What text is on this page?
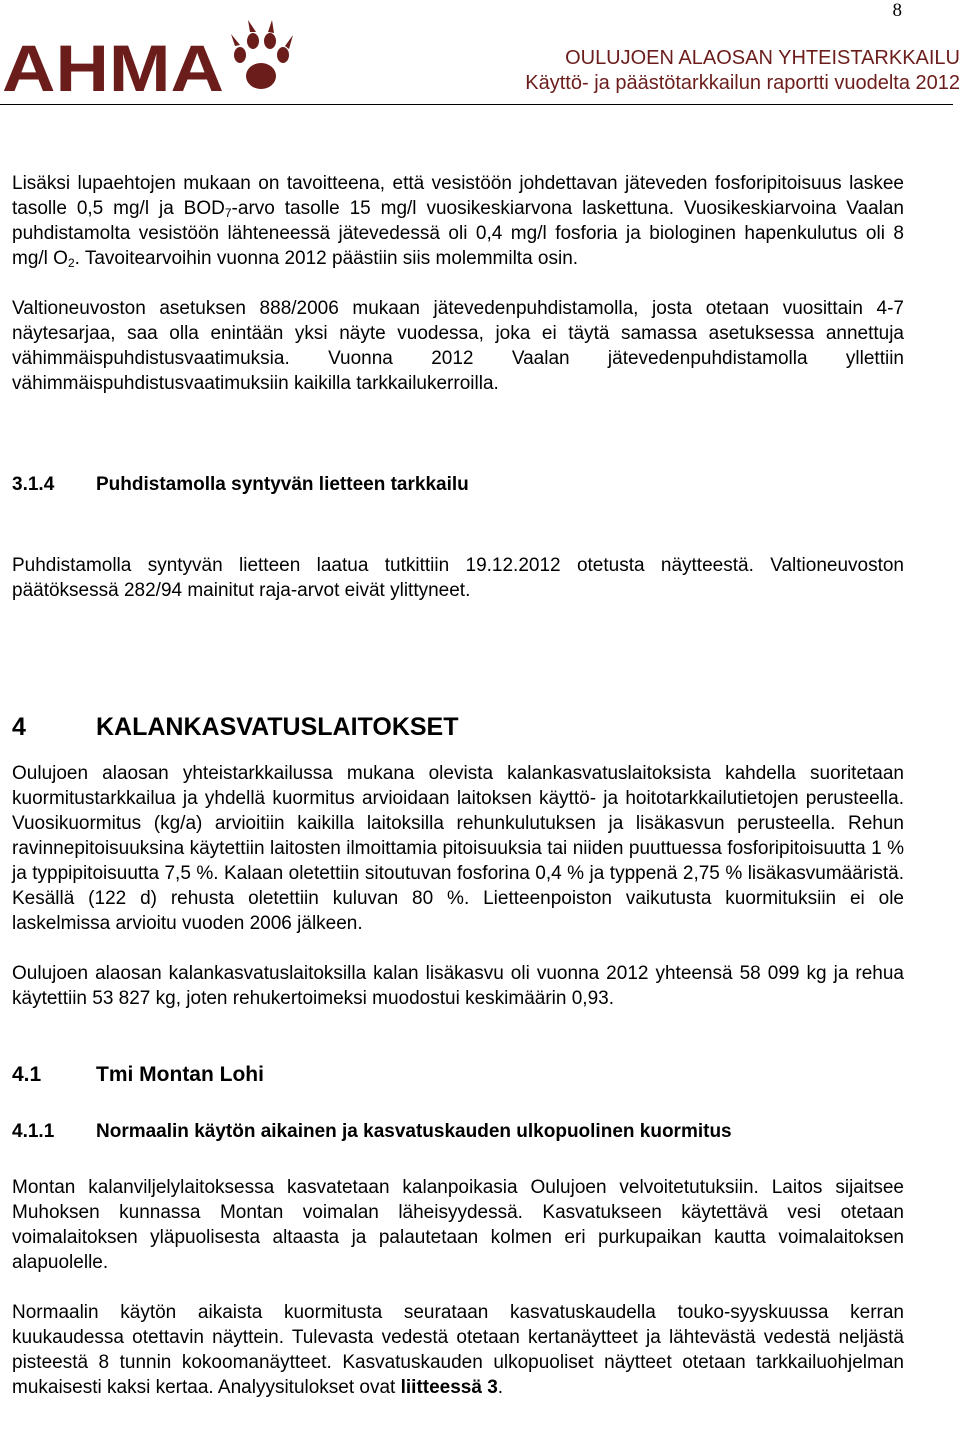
8
AHMA	OULUJOEN ALAOSAN YHTEISTARKKAILU
Käyttö- ja päästötarkkailun raportti vuodelta 2012

Lisäksi lupaehtojen mukaan on tavoitteena, että vesistöön johdettavan jäteveden fosforipitoisuus laskee tasolle 0,5 mg/l ja $BOD_7$-arvo tasolle 15 mg/l vuosikeskiarvona laskettuna. Vuosikeskiarvoina Vaalan puhdistamolta vesistöön lähteneessä jätevedessä oli 0,4 mg/l fosforia ja biologinen hapenkulutus oli 8 mg/l $O_2$. Tavoitearvoihin vuonna 2012 päästiin siis molemmilta osin.

Valtioneuvoston asetuksen 888/2006 mukaan jätevedenpuhdistamolla, josta otetaan vuosittain 4-7 näytesarjaa, saa olla enintään yksi näyte vuodessa, joka ei täytä samassa asetuksessa annettuja vähimmäispuhdistusvaatimuksia. Vuonna 2012 Vaalan jätevedenpuhdistamolla yllettiin vähimmäispuhdistusvaatimuksiin kaikilla tarkkailukerroilla.

3.1.4	Puhdistamolla syntyvän lietteen tarkkailu

Puhdistamolla syntyvän lietteen laatua tutkittiin 19.12.2012 otetusta näytteestä. Valtioneuvoston päätöksessä 282/94 mainitut raja-arvot eivät ylittyneet.

4	KALANKASVATUSLAITOKSET

Oulujoen alaosan yhteistarkkailussa mukana olevista kalankasvatuslaitoksista kahdella suoritetaan kuormitustarkkailua ja yhdellä kuormitus arvioidaan laitoksen käyttö- ja hoitotarkkailutietojen perusteella. Vuosikuormitus (kg/a) arvioitiin kaikilla laitoksilla rehunkulutuksen ja lisäkasvun perusteella. Rehun ravinnepitoisuuksina käytettiin laitosten ilmoittamia pitoisuuksia tai niiden puuttuessa fosforipitoisuutta 1 % ja typpipitoisuutta 7,5 %. Kalaan oletettiin sitoutuvan fosforina 0,4 % ja typpenä 2,75 % lisäkasvumääristä. Kesällä (122 d) rehusta oletettiin kuluvan 80 %. Lietteenpoiston vaikutusta kuormituksiin ei ole laskelmissa arvioitu vuoden 2006 jälkeen.

Oulujoen alaosan kalankasvatuslaitoksilla kalan lisäkasvu oli vuonna 2012 yhteensä 58 099 kg ja rehua käytettiin 53 827 kg, joten rehukertoimeksi muodostui keskimäärin 0,93.

4.1	Tmi Montan Lohi
4.1.1	Normaalin käytön aikainen ja kasvatuskauden ulkopuolinen kuormitus

Montan kalanviljelylaitoksessa kasvatetaan kalanpoikasia Oulujoen velvoitetutuksiin. Laitos sijaitsee Muhoksen kunnassa Montan voimalan läheisyydessä. Kasvatukseen käytettävä vesi otetaan voimalaitoksen yläpuolisesta altaasta ja palautetaan kolmen eri purkupaikan kautta voimalaitoksen alapuolelle.

Normaalin käytön aikaista kuormitusta seurataan kasvatuskaudella touko-syyskuussa kerran kuukaudessa otettavin näyttein. Tulevasta vedestä otetaan kertanäytteet ja lähtevästä vedestä neljästä pisteestä 8 tunnin kokoomanäytteet. Kasvatuskauden ulkopuoliset näytteet otetaan tarkkailuohjelman mukaisesti kaksi kertaa. Analyysitulokset ovat liitteessä 3.
